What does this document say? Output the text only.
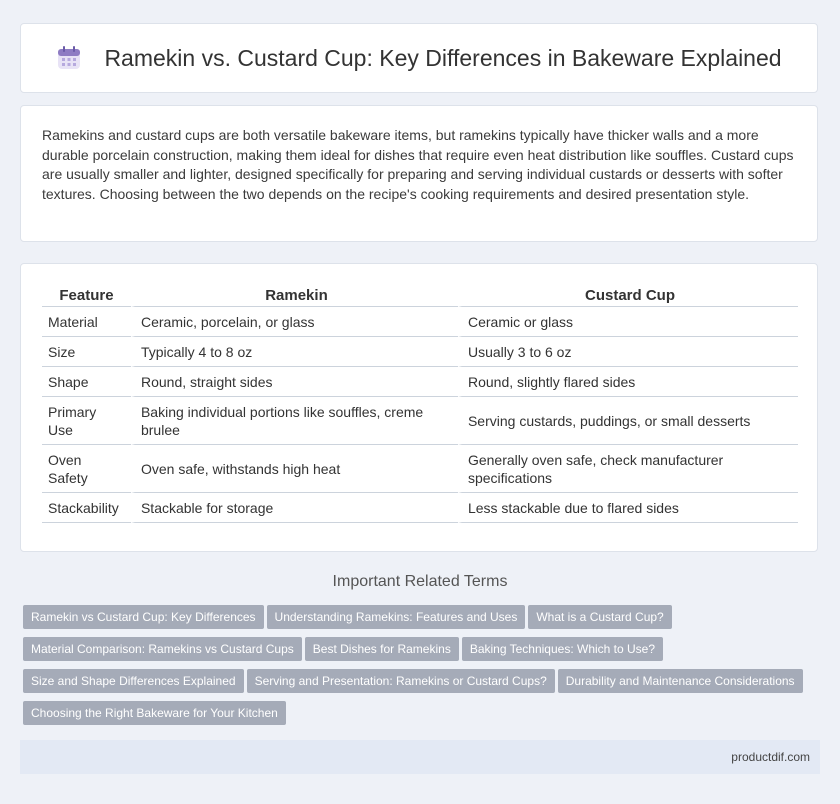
Ramekin vs. Custard Cup: Key Differences in Bakeware Explained

Ramekins and custard cups are both versatile bakeware items, but ramekins typically have thicker walls and a more durable porcelain construction, making them ideal for dishes that require even heat distribution like souffles. Custard cups are usually smaller and lighter, designed specifically for preparing and serving individual custards or desserts with softer textures. Choosing between the two depends on the recipe's cooking requirements and desired presentation style.

Feature	Ramekin	Custard Cup
Material	Ceramic, porcelain, or glass	Ceramic or glass
Size	Typically 4 to 8 oz	Usually 3 to 6 oz
Shape	Round, straight sides	Round, slightly flared sides
Primary Use	Baking individual portions like souffles, creme brulee	Serving custards, puddings, or small desserts
Oven Safety	Oven safe, withstands high heat	Generally oven safe, check manufacturer specifications
Stackability	Stackable for storage	Less stackable due to flared sides
Important Related Terms
Ramekin vs Custard Cup: Key Differences Understanding Ramekins: Features and Uses What is a Custard Cup?
Material Comparison: Ramekins vs Custard Cups Best Dishes for Ramekins Baking Techniques: Which to Use?
Size and Shape Differences Explained Serving and Presentation: Ramekins or Custard Cups? Durability and Maintenance Considerations
Choosing the Right Bakeware for Your Kitchen
productdif.com
